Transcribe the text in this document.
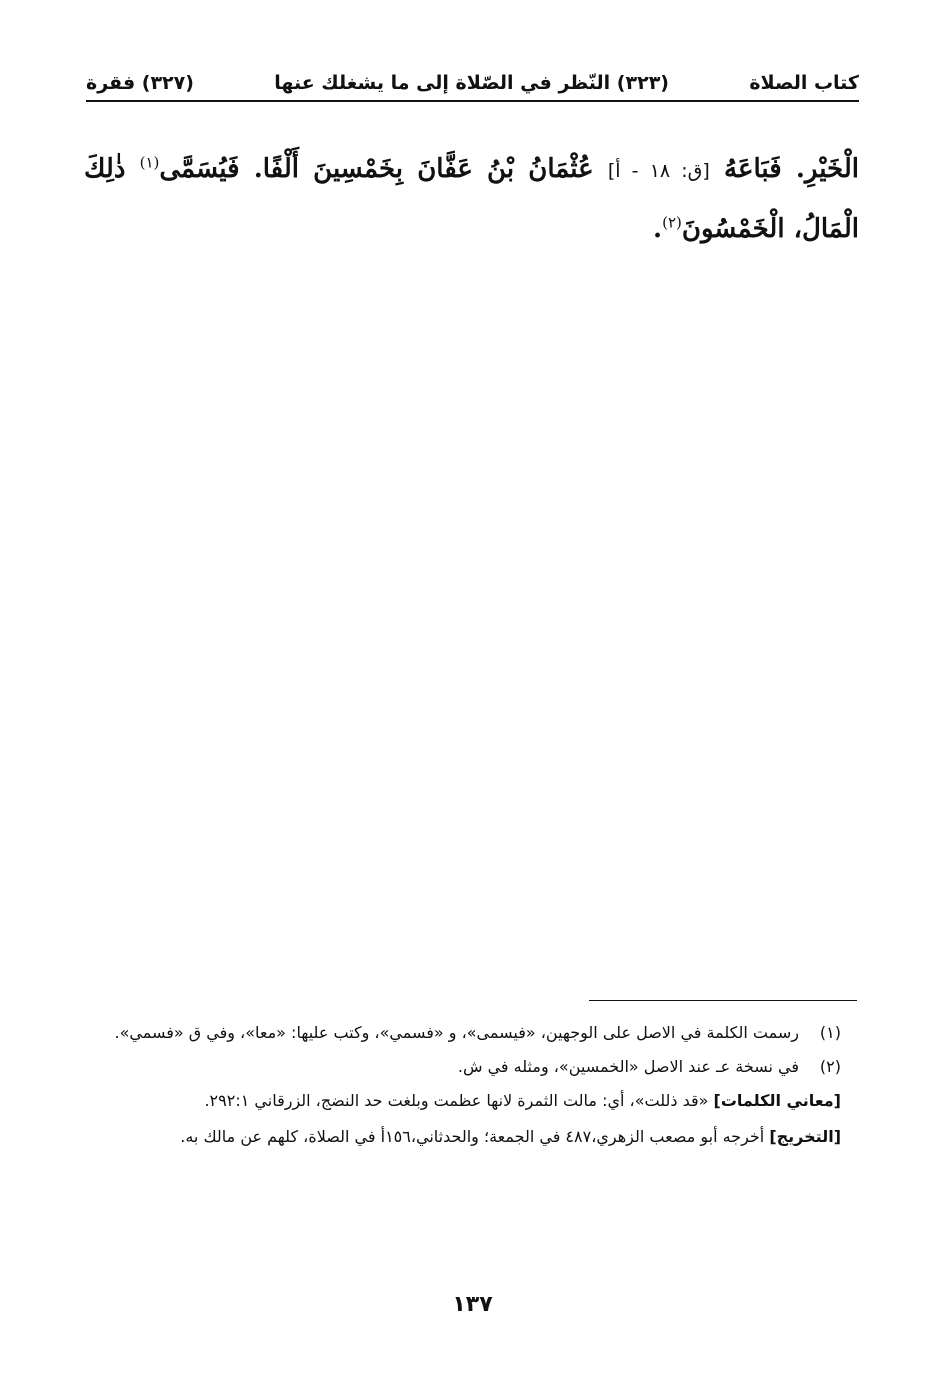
كتاب الصلاة
(٣٢٣) النّظر في الصّلاة إلى ما يشغلك عنها
(٣٢٧) فقرة
الْخَيْرِ. فَبَاعَهُ [ق: ١٨ - أ] عُثْمَانُ بْنُ عَفَّانَ بِخَمْسِينَ أَلْفًا. فَيُسَمَّى$^{(١)}$ ذٰلِكَ الْمَالُ، الْخَمْسُونَ$^{(٢)}$.
(١)
رسمت الكلمة في الاصل على الوجهين، «فيسمى»، و «فسمي»، وكتب عليها: «معا»، وفي ق «فسمي».
(٢)
في نسخة عـ عند الاصل «الخمسين»، ومثله في ش.
[معاني الكلمات] «قد ذللت»، أي: مالت الثمرة لانها عظمت وبلغت حد النضج، الزرقاني ٢٩٢:١.
[التخريج] أخرجه أبو مصعب الزهري،٤٨٧ في الجمعة؛ والحدثاني،١٥٦أ في الصلاة، كلهم عن مالك به.
١٣٧
